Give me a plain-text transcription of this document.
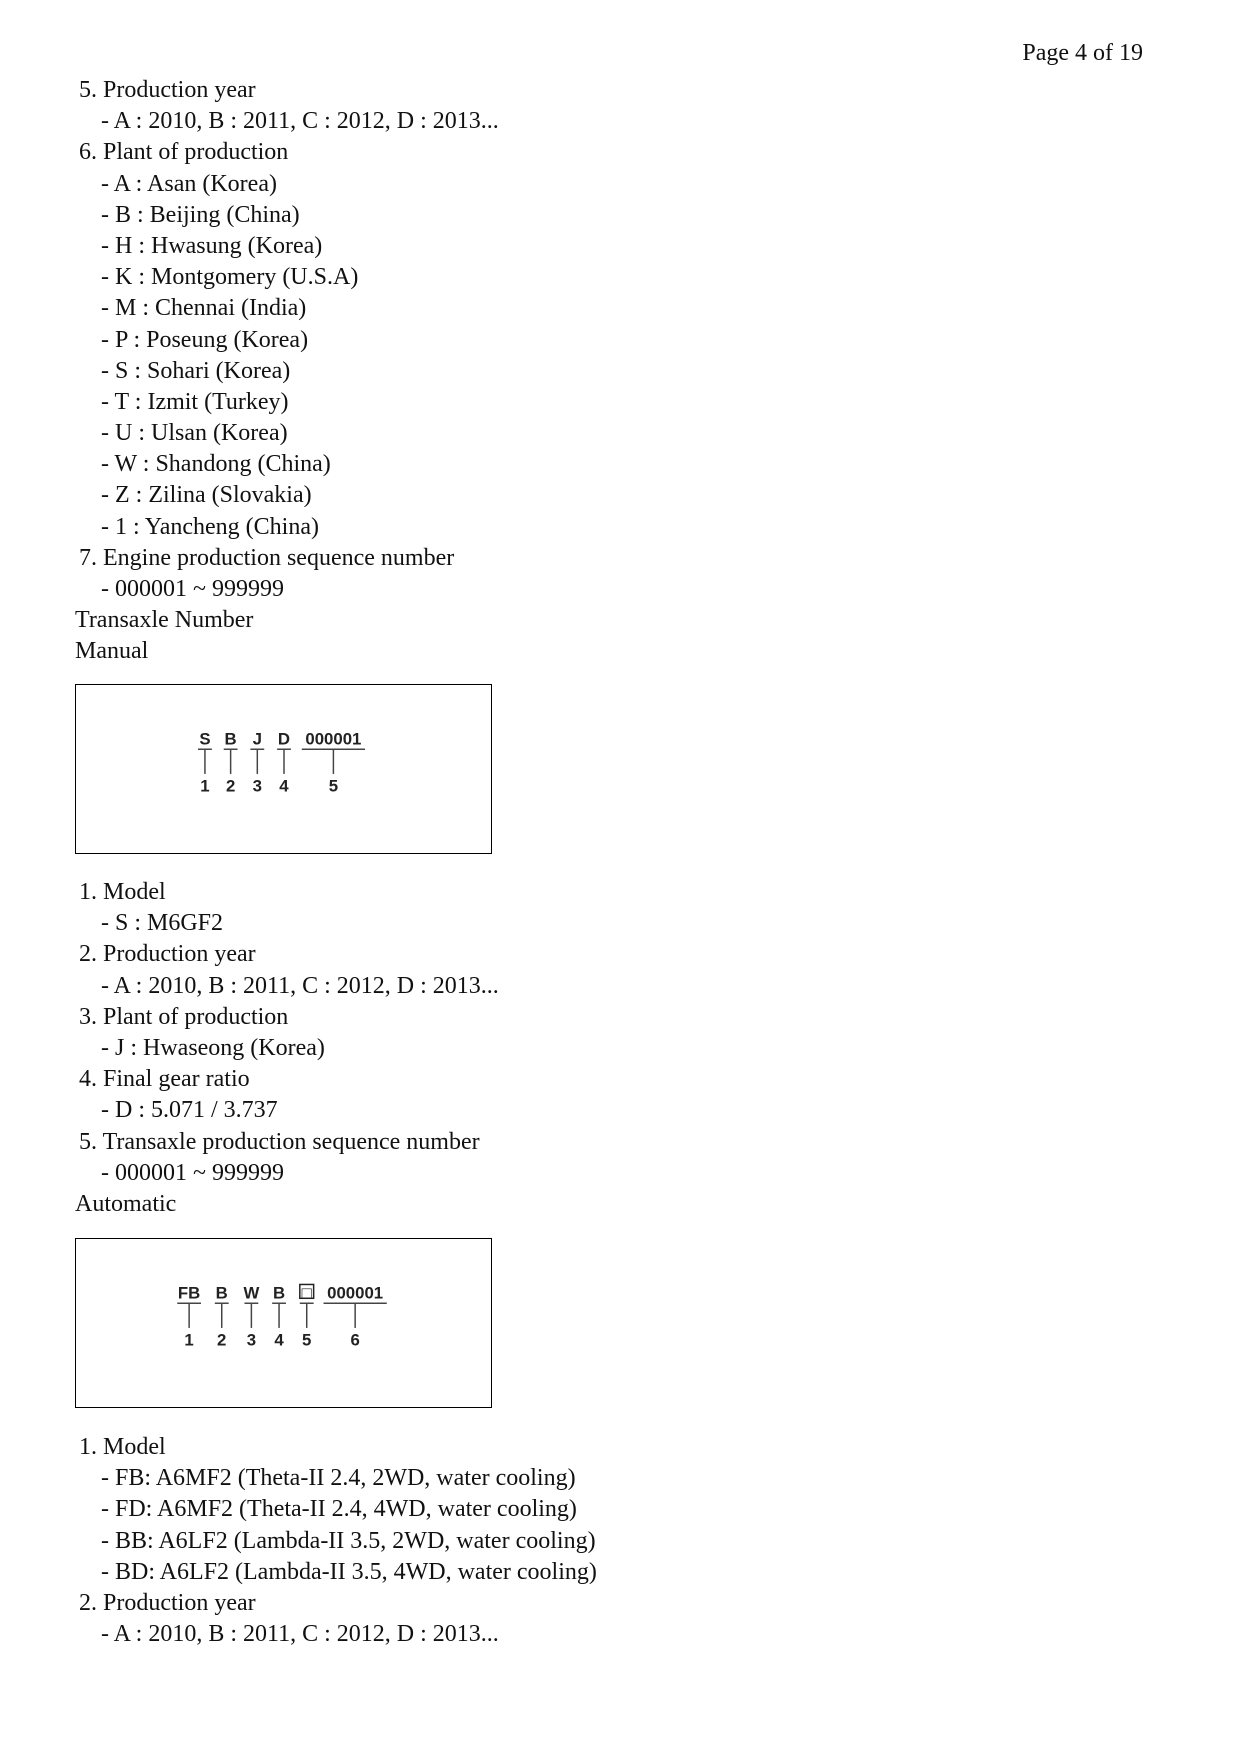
Page 4 of 19
5. Production year
- A : 2010, B : 2011, C : 2012, D : 2013...
6. Plant of production
- A : Asan (Korea)
- B : Beijing (China)
- H : Hwasung (Korea)
- K : Montgomery (U.S.A)
- M : Chennai (India)
- P : Poseung (Korea)
- S : Sohari (Korea)
- T : Izmit (Turkey)
- U : Ulsan (Korea)
- W : Shandong (China)
- Z : Zilina (Slovakia)
- 1 : Yancheng (China)
7. Engine production sequence number
- 000001 ~ 999999
Transaxle Number
Manual
S
1
B
2
J
3
D
4
000001
5
1. Model
- S : M6GF2
2. Production year
- A : 2010, B : 2011, C : 2012, D : 2013...
3. Plant of production
- J : Hwaseong (Korea)
4. Final gear ratio
- D : 5.071 / 3.737
5. Transaxle production sequence number
- 000001 ~ 999999
Automatic
FB
1
B
2
W
3
B
4
□
5
000001
6
1. Model
- FB: A6MF2 (Theta-II 2.4, 2WD, water cooling)
- FD: A6MF2 (Theta-II 2.4, 4WD, water cooling)
- BB: A6LF2 (Lambda-II 3.5, 2WD, water cooling)
- BD: A6LF2 (Lambda-II 3.5, 4WD, water cooling)
2. Production year
- A : 2010, B : 2011, C : 2012, D : 2013...
